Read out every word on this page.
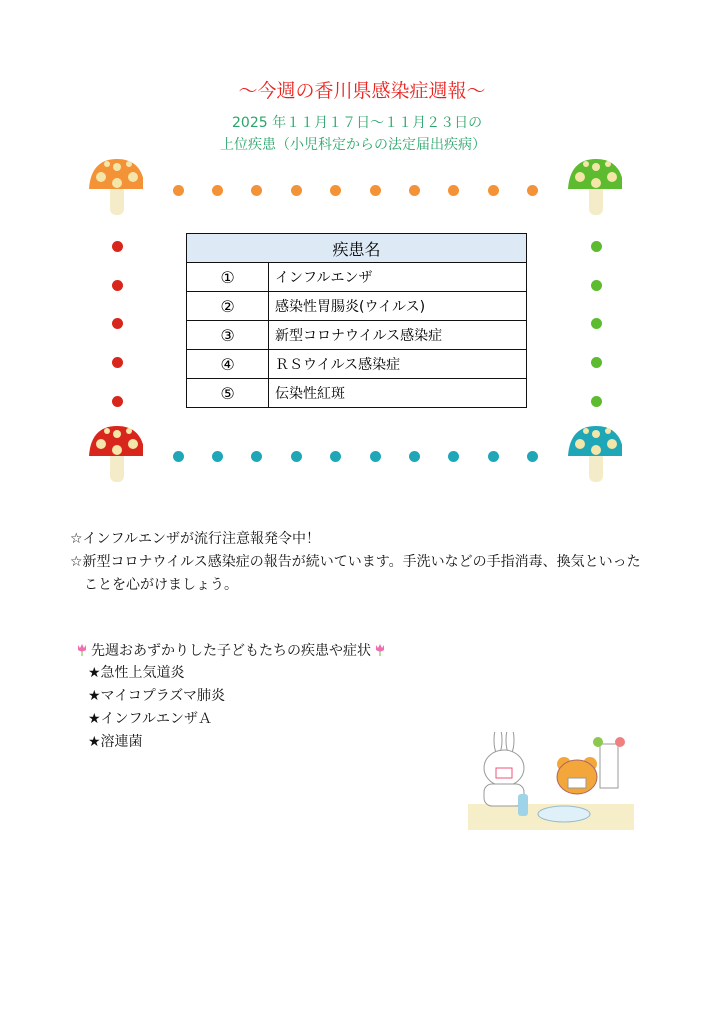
～今週の香川県感染症週報～
2025 年１１月１７日～１１月２３日の
上位疾患（小児科定からの法定届出疾病）
疾患名	
①	インフルエンザ
②	感染性胃腸炎(ウイルス)
③	新型コロナウイルス感染症
④	ＲＳウイルス感染症
⑤	伝染性紅斑
☆インフルエンザが流行注意報発令中！
☆新型コロナウイルス感染症の報告が続いています。手洗いなどの手指消毒、換気といった
ことを心がけましょう。
先週おあずかりした子どもたちの疾患や症状
★急性上気道炎
★マイコプラズマ肺炎
★インフルエンザＡ
★溶連菌
